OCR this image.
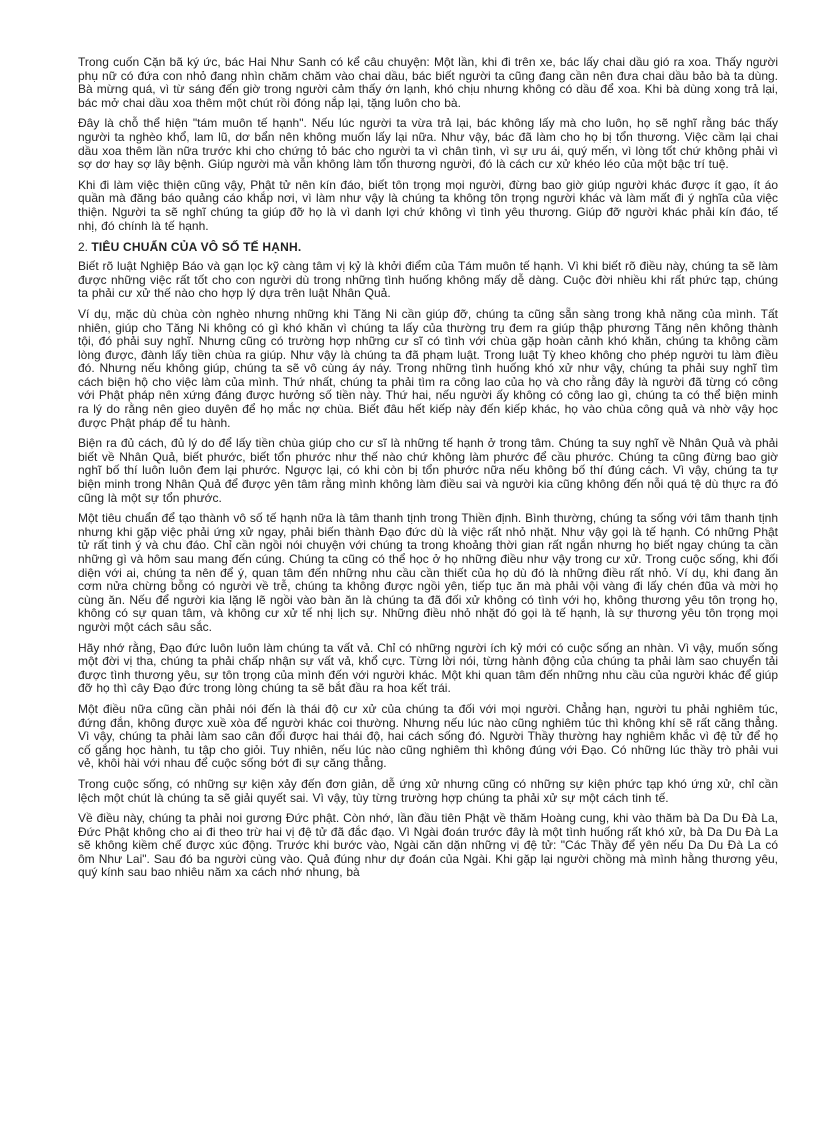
Trong cuốn Cặn bã ký ức, bác Hai Như Sanh có kể câu chuyện: Một lần, khi đi trên xe, bác lấy chai dầu gió ra xoa. Thấy người phụ nữ có đứa con nhỏ đang nhìn chăm chăm vào chai dầu, bác biết người ta cũng đang cần nên đưa chai dầu bảo bà ta dùng. Bà mừng quá, vì từ sáng đến giờ trong người cảm thấy ớn lạnh, khó chịu nhưng không có dầu để xoa. Khi bà dùng xong trả lại, bác mở chai dầu xoa thêm một chút rồi đóng nắp lại, tặng luôn cho bà.

Đây là chỗ thể hiện "tám muôn tế hạnh". Nếu lúc người ta vừa trả lại, bác không lấy mà cho luôn, họ sẽ nghĩ rằng bác thấy người ta nghèo khổ, lam lũ, dơ bẩn nên không muốn lấy lại nữa. Như vậy, bác đã làm cho họ bị tổn thương. Việc cầm lại chai dầu xoa thêm lần nữa trước khi cho chứng tỏ bác cho người ta vì chân tình, vì sự ưu ái, quý mến, vì lòng tốt chứ không phải vì sợ dơ hay sợ lây bệnh. Giúp người mà vẫn không làm tổn thương người, đó là cách cư xử khéo léo của một bậc trí tuệ.

Khi đi làm việc thiện cũng vậy, Phật tử nên kín đáo, biết tôn trọng mọi người, đừng bao giờ giúp người khác được ít gạo, ít áo quần mà đăng báo quảng cáo khắp nơi, vì làm như vậy là chúng ta không tôn trọng người khác và làm mất đi ý nghĩa của việc thiện. Người ta sẽ nghĩ chúng ta giúp đỡ họ là vì danh lợi chứ không vì tình yêu thương. Giúp đỡ người khác phải kín đáo, tế nhị, đó chính là tế hạnh.

2. TIÊU CHUẨN CỦA VÔ SỐ TẾ HẠNH.

Biết rõ luật Nghiệp Báo và gạn lọc kỹ càng tâm vị kỷ là khởi điểm của Tám muôn tế hạnh. Vì khi biết rõ điều này, chúng ta sẽ làm được những việc rất tốt cho con người dù trong những tình huống không mấy dễ dàng. Cuộc đời nhiều khi rất phức tạp, chúng ta phải cư xử thế nào cho hợp lý dựa trên luật Nhân Quả.

Ví dụ, mặc dù chùa còn nghèo nhưng những khi Tăng Ni cần giúp đỡ, chúng ta cũng sẵn sàng trong khả năng của mình. Tất nhiên, giúp cho Tăng Ni không có gì khó khăn vì chúng ta lấy của thường trụ đem ra giúp thập phương Tăng nên không thành tội, đó phải suy nghĩ. Nhưng cũng có trường hợp những cư sĩ có tình với chùa gặp hoàn cảnh khó khăn, chúng ta không cầm lòng được, đành lấy tiền chùa ra giúp. Như vậy là chúng ta đã phạm luật. Trong luật Tỳ kheo không cho phép người tu làm điều đó. Nhưng nếu không giúp, chúng ta sẽ vô cùng áy náy. Trong những tình huống khó xử như vậy, chúng ta phải suy nghĩ tìm cách biện hộ cho việc làm của mình. Thứ nhất, chúng ta phải tìm ra công lao của họ và cho rằng đây là người đã từng có công với Phật pháp nên xứng đáng được hưởng số tiền này. Thứ hai, nếu người ấy không có công lao gì, chúng ta có thể biện minh ra lý do rằng nên gieo duyên để họ mắc nợ chùa. Biết đâu hết kiếp này đến kiếp khác, họ vào chùa công quả và nhờ vậy học được Phật pháp để tu hành.

Biện ra đủ cách, đủ lý do để lấy tiền chùa giúp cho cư sĩ là những tế hạnh ở trong tâm. Chúng ta suy nghĩ về Nhân Quả và phải biết về Nhân Quả, biết phước, biết tổn phước như thế nào chứ không làm phước để cầu phước. Chúng ta cũng đừng bao giờ nghĩ bố thí luôn luôn đem lại phước. Ngược lại, có khi còn bị tổn phước nữa nếu không bố thí đúng cách. Vì vậy, chúng ta tự biện minh trong Nhân Quả để được yên tâm rằng mình không làm điều sai và người kia cũng không đến nỗi quá tệ dù thực ra đó cũng là một sự tổn phước.

Một tiêu chuẩn để tạo thành vô số tế hạnh nữa là tâm thanh tịnh trong Thiền định. Bình thường, chúng ta sống với tâm thanh tịnh nhưng khi gặp việc phải ứng xử ngay, phải biến thành Đạo đức dù là việc rất nhỏ nhặt. Như vậy gọi là tế hạnh. Có những Phật tử rất tinh ý và chu đáo. Chỉ cần ngồi nói chuyện với chúng ta trong khoảng thời gian rất ngắn nhưng họ biết ngay chúng ta cần những gì và hôm sau mang đến cúng. Chúng ta cũng có thể học ở họ những điều như vậy trong cư xử. Trong cuộc sống, khi đối diện với ai, chúng ta nên để ý, quan tâm đến những nhu cầu cần thiết của họ dù đó là những điều rất nhỏ. Ví dụ, khi đang ăn cơm nửa chừng bỗng có người về trễ, chúng ta không được ngồi yên, tiếp tục ăn mà phải vội vàng đi lấy chén đũa và mời họ cùng ăn. Nếu để người kia lặng lẽ ngồi vào bàn ăn là chúng ta đã đối xử không có tình với họ, không thương yêu tôn trọng họ, không có sự quan tâm, và không cư xử tế nhị lịch sự. Những điều nhỏ nhặt đó gọi là tế hạnh, là sự thương yêu tôn trọng mọi người một cách sâu sắc.

Hãy nhớ rằng, Đạo đức luôn luôn làm chúng ta vất vả. Chỉ có những người ích kỷ mới có cuộc sống an nhàn. Vì vậy, muốn sống một đời vị tha, chúng ta phải chấp nhận sự vất vả, khổ cực. Từng lời nói, từng hành động của chúng ta phải làm sao chuyển tải được tình thương yêu, sự tôn trọng của mình đến với người khác. Một khi quan tâm đến những nhu cầu của người khác để giúp đỡ họ thì cây Đạo đức trong lòng chúng ta sẽ bắt đầu ra hoa kết trái.

Một điều nữa cũng cần phải nói đến là thái độ cư xử của chúng ta đối với mọi người. Chẳng hạn, người tu phải nghiêm túc, đứng đắn, không được xuề xòa để người khác coi thường. Nhưng nếu lúc nào cũng nghiêm túc thì không khí sẽ rất căng thẳng. Vì vậy, chúng ta phải làm sao cân đối được hai thái độ, hai cách sống đó. Người Thầy thường hay nghiêm khắc vì đệ tử để họ cố gắng học hành, tu tập cho giỏi. Tuy nhiên, nếu lúc nào cũng nghiêm thì không đúng với Đạo. Có những lúc thầy trò phải vui vẻ, khôi hài với nhau để cuộc sống bớt đi sự căng thẳng.

Trong cuộc sống, có những sự kiện xảy đến đơn giản, dễ ứng xử nhưng cũng có những sự kiện phức tạp khó ứng xử, chỉ cần lệch một chút là chúng ta sẽ giải quyết sai. Vì vậy, tùy từng trường hợp chúng ta phải xử sự một cách tinh tế.

Về điều này, chúng ta phải noi gương Đức phật. Còn nhớ, lần đầu tiên Phật về thăm Hoàng cung, khi vào thăm bà Da Du Đà La, Đức Phật không cho ai đi theo trừ hai vị đệ tử đã đắc đạo. Vì Ngài đoán trước đây là một tình huống rất khó xử, bà Da Du Đà La sẽ không kiềm chế được xúc động. Trước khi bước vào, Ngài căn dặn những vị đệ tử: "Các Thầy để yên nếu Da Du Đà La có ôm Như Lai". Sau đó ba người cùng vào. Quả đúng như dự đoán của Ngài. Khi gặp lại người chồng mà mình hằng thương yêu, quý kính sau bao nhiêu năm xa cách nhớ nhung, bà
